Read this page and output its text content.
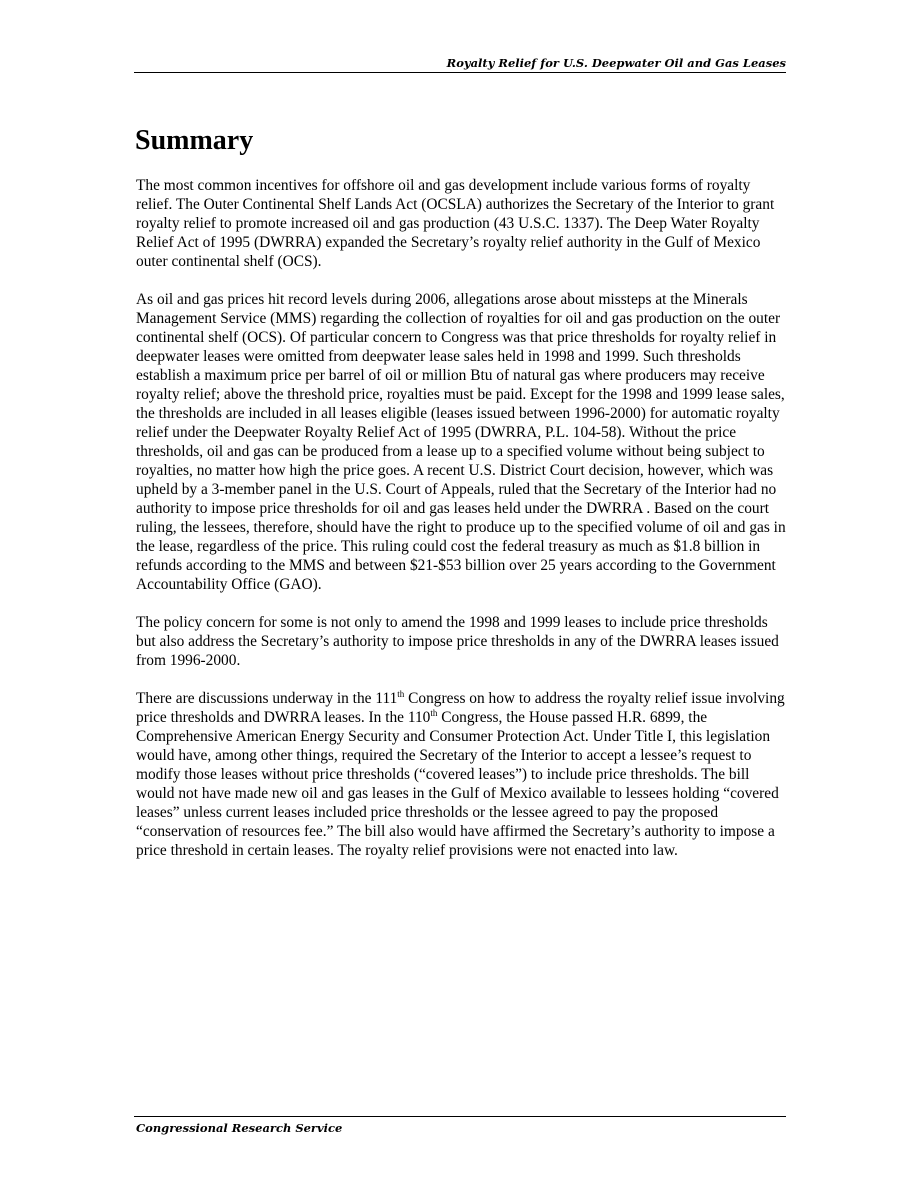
Royalty Relief for U.S. Deepwater Oil and Gas Leases
Summary

The most common incentives for offshore oil and gas development include various forms of royalty relief. The Outer Continental Shelf Lands Act (OCSLA) authorizes the Secretary of the Interior to grant royalty relief to promote increased oil and gas production (43 U.S.C. 1337). The Deep Water Royalty Relief Act of 1995 (DWRRA) expanded the Secretary’s royalty relief authority in the Gulf of Mexico outer continental shelf (OCS).

As oil and gas prices hit record levels during 2006, allegations arose about missteps at the Minerals Management Service (MMS) regarding the collection of royalties for oil and gas production on the outer continental shelf (OCS). Of particular concern to Congress was that price thresholds for royalty relief in deepwater leases were omitted from deepwater lease sales held in 1998 and 1999. Such thresholds establish a maximum price per barrel of oil or million Btu of natural gas where producers may receive royalty relief; above the threshold price, royalties must be paid. Except for the 1998 and 1999 lease sales, the thresholds are included in all leases eligible (leases issued between 1996-2000) for automatic royalty relief under the Deepwater Royalty Relief Act of 1995 (DWRRA, P.L. 104-58). Without the price thresholds, oil and gas can be produced from a lease up to a specified volume without being subject to royalties, no matter how high the price goes. A recent U.S. District Court decision, however, which was upheld by a 3-member panel in the U.S. Court of Appeals, ruled that the Secretary of the Interior had no authority to impose price thresholds for oil and gas leases held under the DWRRA . Based on the court ruling, the lessees, therefore, should have the right to produce up to the specified volume of oil and gas in the lease, regardless of the price. This ruling could cost the federal treasury as much as $1.8 billion in refunds according to the MMS and between $21-$53 billion over 25 years according to the Government Accountability Office (GAO).

The policy concern for some is not only to amend the 1998 and 1999 leases to include price thresholds but also address the Secretary’s authority to impose price thresholds in any of the DWRRA leases issued from 1996-2000.

There are discussions underway in the 111th Congress on how to address the royalty relief issue involving price thresholds and DWRRA leases. In the 110th Congress, the House passed H.R. 6899, the Comprehensive American Energy Security and Consumer Protection Act. Under Title I, this legislation would have, among other things, required the Secretary of the Interior to accept a lessee’s request to modify those leases without price thresholds (“covered leases”) to include price thresholds. The bill would not have made new oil and gas leases in the Gulf of Mexico available to lessees holding “covered leases” unless current leases included price thresholds or the lessee agreed to pay the proposed “conservation of resources fee.” The bill also would have affirmed the Secretary’s authority to impose a price threshold in certain leases. The royalty relief provisions were not enacted into law.

Congressional Research Service
